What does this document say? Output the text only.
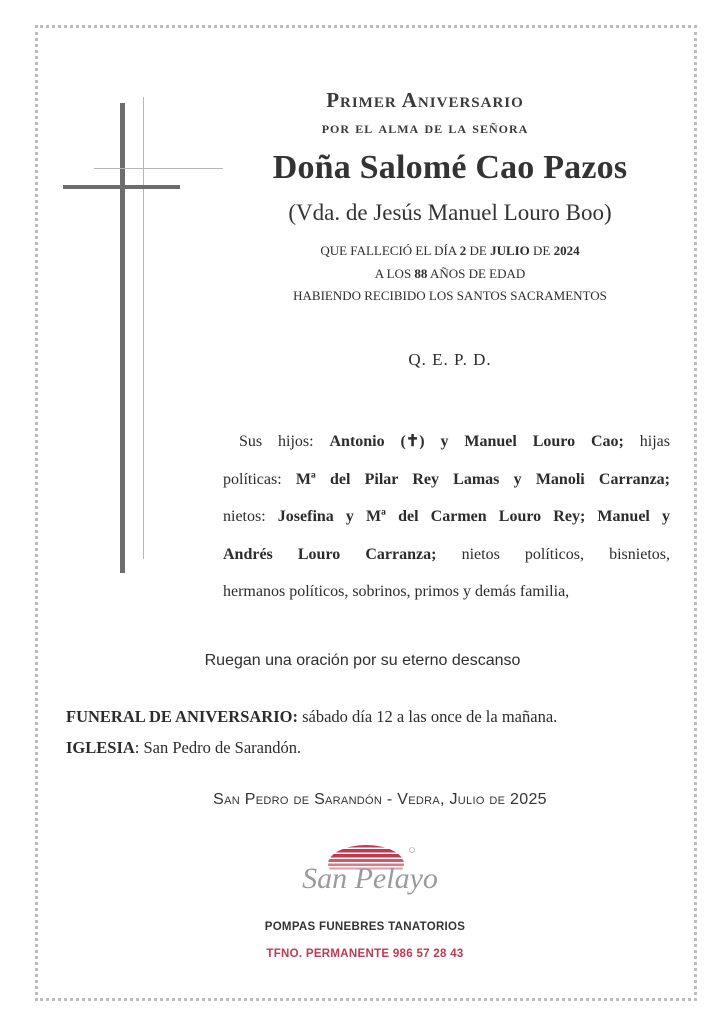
Primer Aniversario
por el alma de la señora
Doña Salomé Cao Pazos
(Vda. de Jesús Manuel Louro Boo)
QUE FALLECIÓ EL DÍA 2 DE JULIO DE 2024
A LOS 88 AÑOS DE EDAD
HABIENDO RECIBIDO LOS SANTOS SACRAMENTOS
Q. E. P. D.
Sus hijos: Antonio (✝) y Manuel Louro Cao; hijas
políticas: Mª del Pilar Rey Lamas y Manoli Carranza;
nietos: Josefina y Mª del Carmen Louro Rey; Manuel y
Andrés Louro Carranza; nietos políticos, bisnietos,
hermanos políticos, sobrinos, primos y demás familia,
Ruegan una oración por su eterno descanso
FUNERAL DE ANIVERSARIO: sábado día 12 a las once de la mañana.
IGLESIA: San Pedro de Sarandón.
San Pedro de Sarandón - Vedra, Julio de 2025
San Pelayo
POMPAS FUNEBRES TANATORIOS
TFNO. PERMANENTE 986 57 28 43
